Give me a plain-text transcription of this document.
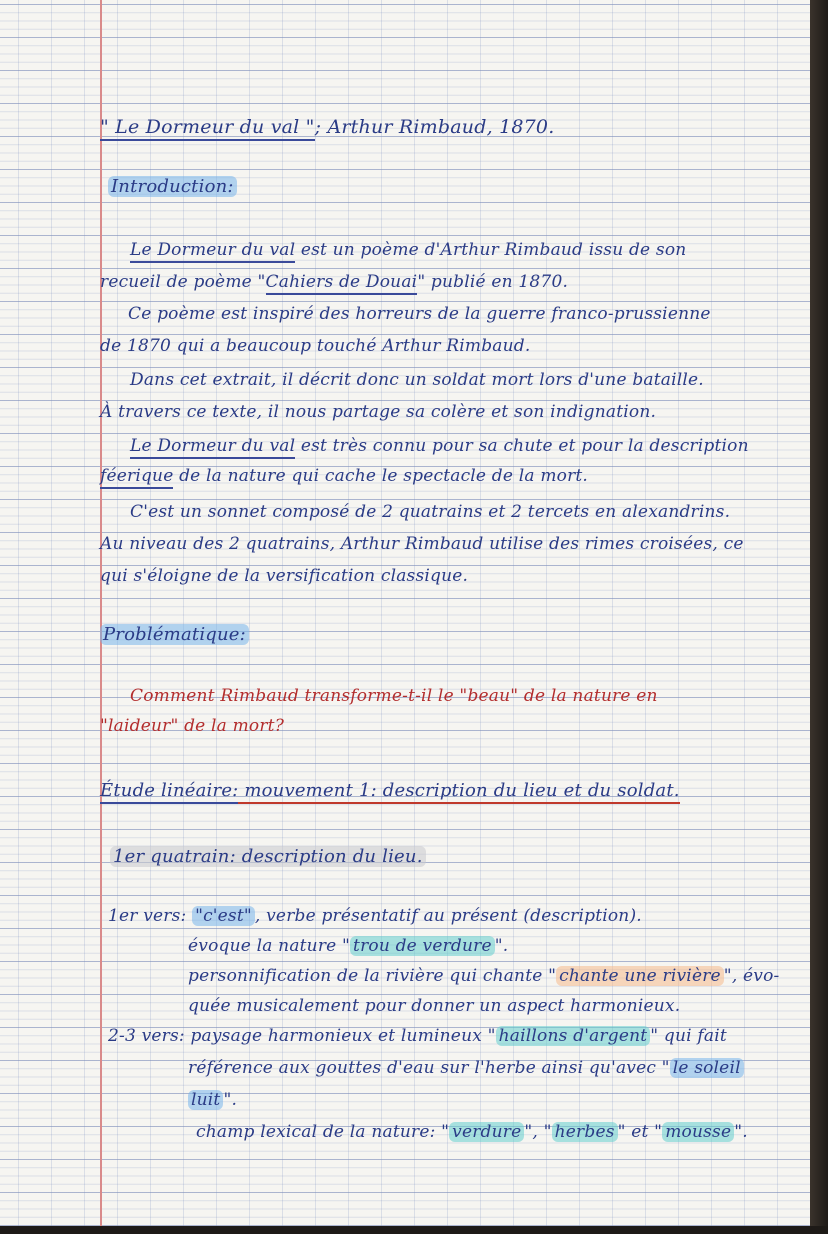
" Le Dormeur du val "; Arthur Rimbaud, 1870.
Introduction:
Le Dormeur du val est un poème d'Arthur Rimbaud issu de son
recueil de poème "Cahiers de Douai" publié en 1870.
Ce poème est inspiré des horreurs de la guerre franco-prussienne
de 1870 qui a beaucoup touché Arthur Rimbaud.
Dans cet extrait, il décrit donc un soldat mort lors d'une bataille.
À travers ce texte, il nous partage sa colère et son indignation.
Le Dormeur du val est très connu pour sa chute et pour la description
féerique de la nature qui cache le spectacle de la mort.
C'est un sonnet composé de 2 quatrains et 2 tercets en alexandrins.
Au niveau des 2 quatrains, Arthur Rimbaud utilise des rimes croisées, ce
qui s'éloigne de la versification classique.
Problématique:
Comment Rimbaud transforme-t-il le "beau" de la nature en
"laideur" de la mort?
Étude linéaire: mouvement 1: description du lieu et du soldat.
1er quatrain: description du lieu.
1er vers: "c'est" , verbe présentatif au présent (description).
évoque la nature " trou de verdure ".
personnification de la rivière qui chante " chante une rivière ", évo-
quée musicalement pour donner un aspect harmonieux.
2-3 vers: paysage harmonieux et lumineux " haillons d'argent " qui fait
référence aux gouttes d'eau sur l'herbe ainsi qu'avec " le soleil
luit ".
champ lexical de la nature: " verdure ", " herbes " et " mousse ".
